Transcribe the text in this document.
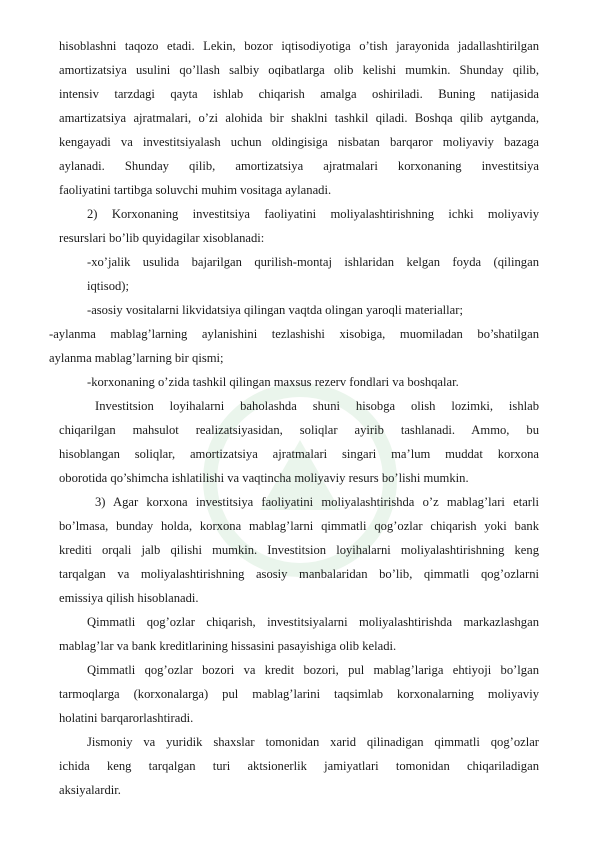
hisoblashni taqozo etadi. Lekin, bozor iqtisodiyotiga o’tish jarayonida jadallashtirilgan
amortizatsiya usulini qo’llash salbiy oqibatlarga olib kelishi mumkin. Shunday qilib,
intensiv tarzdagi qayta ishlab chiqarish amalga oshiriladi. Buning natijasida
amartizatsiya ajratmalari, o’zi alohida bir shaklni tashkil qiladi. Boshqa qilib aytganda,
kengayadi va investitsiyalash uchun oldingisiga nisbatan barqaror moliyaviy bazaga
aylanadi. Shunday qilib, amortizatsiya ajratmalari korxonaning investitsiya
faoliyatini tartibga soluvchi muhim vositaga aylanadi.
2) Korxonaning investitsiya faoliyatini moliyalashtirishning ichki moliyaviy
resurslari bo’lib quyidagilar xisoblanadi:
-xo’jalik usulida bajarilgan qurilish-montaj ishlaridan kelgan foyda (qilingan
iqtisod);
-asosiy vositalarni likvidatsiya qilingan vaqtda olingan yaroqli materiallar;
-aylanma mablag’larning aylanishini tezlashishi xisobiga, muomiladan bo’shatilgan
aylanma mablag’larning bir qismi;
-korxonaning o’zida tashkil qilingan maxsus rezerv fondlari va boshqalar.
Investitsion loyihalarni baholashda shuni hisobga olish lozimki, ishlab
chiqarilgan mahsulot realizatsiyasidan, soliqlar ayirib tashlanadi. Ammo, bu
hisoblangan soliqlar, amortizatsiya ajratmalari singari ma’lum muddat korxona
oborotida qo’shimcha ishlatilishi va vaqtincha moliyaviy resurs bo’lishi mumkin.
3) Agar korxona investitsiya faoliyatini moliyalashtirishda o’z mablag’lari etarli
bo’lmasa, bunday holda, korxona mablag’larni qimmatli qog’ozlar chiqarish yoki bank
krediti orqali jalb qilishi mumkin. Investitsion loyihalarni moliyalashtirishning keng
tarqalgan va moliyalashtirishning asosiy manbalaridan bo’lib, qimmatli qog’ozlarni
emissiya qilish hisoblanadi.
Qimmatli qog’ozlar chiqarish, investitsiyalarni moliyalashtirishda markazlashgan
mablag’lar va bank kreditlarining hissasini pasayishiga olib keladi.
Qimmatli qog’ozlar bozori va kredit bozori, pul mablag’lariga ehtiyoji bo’lgan
tarmoqlarga (korxonalarga) pul mablag’larini taqsimlab korxonalarning moliyaviy
holatini barqarorlashtiradi.
Jismoniy va yuridik shaxslar tomonidan xarid qilinadigan qimmatli qog’ozlar
ichida keng tarqalgan turi aktsionerlik jamiyatlari tomonidan chiqariladigan
aksiyalardir.
